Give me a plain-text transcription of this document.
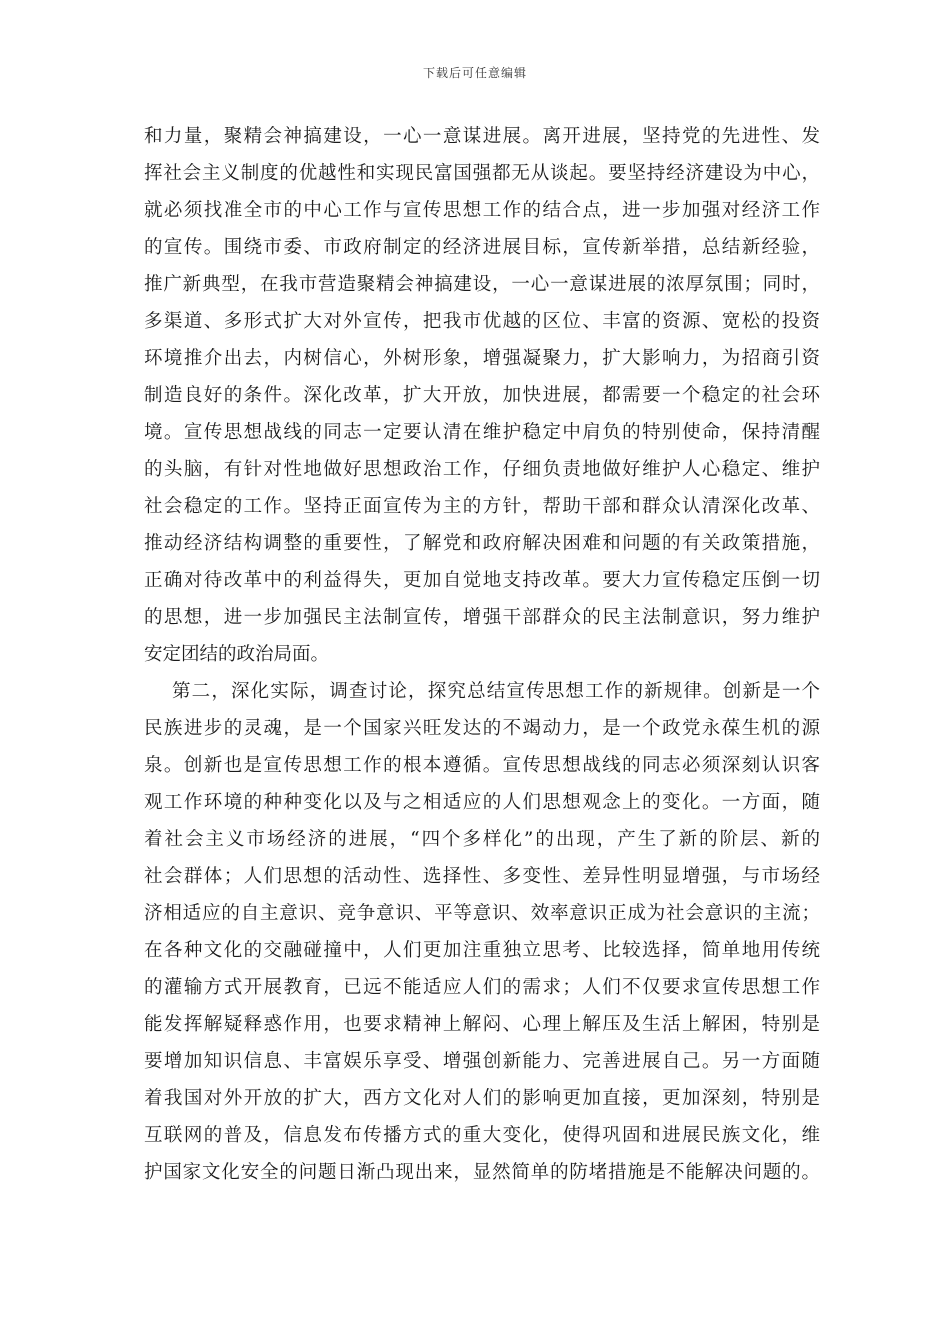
下载后可任意编辑
和力量，聚精会神搞建设，一心一意谋进展。离开进展，坚持党的先进性、发
挥社会主义制度的优越性和实现民富国强都无从谈起。要坚持经济建设为中心，
就必须找准全市的中心工作与宣传思想工作的结合点，进一步加强对经济工作
的宣传。围绕市委、市政府制定的经济进展目标，宣传新举措，总结新经验，
推广新典型，在我市营造聚精会神搞建设，一心一意谋进展的浓厚氛围；同时，
多渠道、多形式扩大对外宣传，把我市优越的区位、丰富的资源、宽松的投资
环境推介出去，内树信心，外树形象，增强凝聚力，扩大影响力，为招商引资
制造良好的条件。深化改革，扩大开放，加快进展，都需要一个稳定的社会环
境。宣传思想战线的同志一定要认清在维护稳定中肩负的特别使命，保持清醒
的头脑，有针对性地做好思想政治工作，仔细负责地做好维护人心稳定、维护
社会稳定的工作。坚持正面宣传为主的方针，帮助干部和群众认清深化改革、
推动经济结构调整的重要性，了解党和政府解决困难和问题的有关政策措施，
正确对待改革中的利益得失，更加自觉地支持改革。要大力宣传稳定压倒一切
的思想，进一步加强民主法制宣传，增强干部群众的民主法制意识，努力维护
安定团结的政治局面。
第二，深化实际，调查讨论，探究总结宣传思想工作的新规律。创新是一个
民族进步的灵魂，是一个国家兴旺发达的不竭动力，是一个政党永葆生机的源
泉。创新也是宣传思想工作的根本遵循。宣传思想战线的同志必须深刻认识客
观工作环境的种种变化以及与之相适应的人们思想观念上的变化。一方面，随
着社会主义市场经济的进展，“四个多样化”的出现，产生了新的阶层、新的
社会群体；人们思想的活动性、选择性、多变性、差异性明显增强，与市场经
济相适应的自主意识、竞争意识、平等意识、效率意识正成为社会意识的主流；
在各种文化的交融碰撞中，人们更加注重独立思考、比较选择，简单地用传统
的灌输方式开展教育，已远不能适应人们的需求；人们不仅要求宣传思想工作
能发挥解疑释惑作用，也要求精神上解闷、心理上解压及生活上解困，特别是
要增加知识信息、丰富娱乐享受、增强创新能力、完善进展自己。另一方面随
着我国对外开放的扩大，西方文化对人们的影响更加直接，更加深刻，特别是
互联网的普及，信息发布传播方式的重大变化，使得巩固和进展民族文化，维
护国家文化安全的问题日渐凸现出来，显然简单的防堵措施是不能解决问题的。
